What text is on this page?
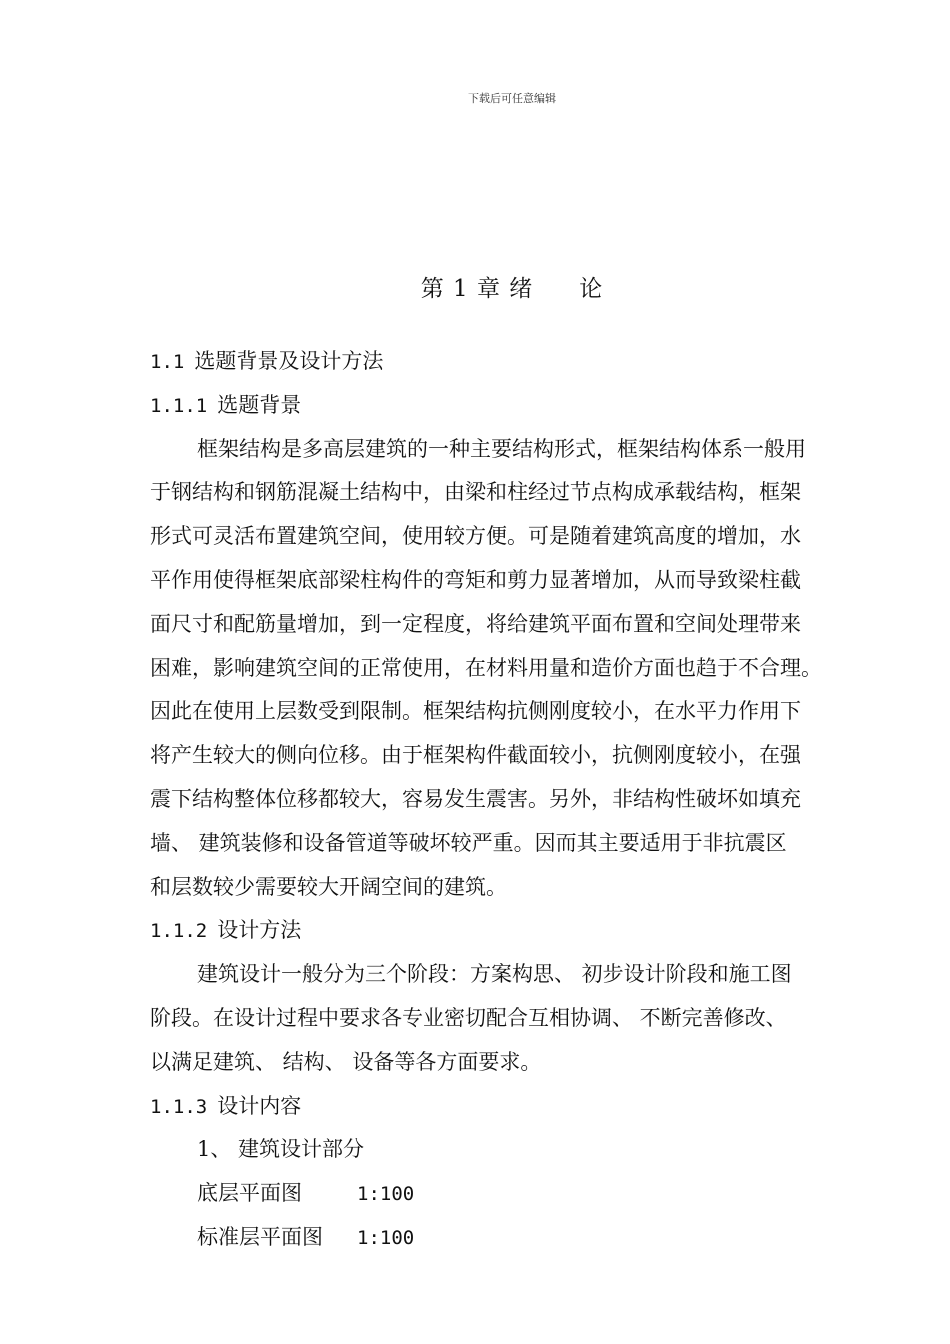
下载后可任意编辑
第 1 章 绪 论
1.1 选题背景及设计方法
1.1.1 选题背景
框架结构是多高层建筑的一种主要结构形式，框架结构体系一般用
于钢结构和钢筋混凝土结构中，由梁和柱经过节点构成承载结构，框架
形式可灵活布置建筑空间，使用较方便。可是随着建筑高度的增加，水
平作用使得框架底部梁柱构件的弯矩和剪力显著增加，从而导致梁柱截
面尺寸和配筋量增加，到一定程度，将给建筑平面布置和空间处理带来
困难，影响建筑空间的正常使用，在材料用量和造价方面也趋于不合理。
因此在使用上层数受到限制。框架结构抗侧刚度较小，在水平力作用下
将产生较大的侧向位移。由于框架构件截面较小，抗侧刚度较小，在强
震下结构整体位移都较大，容易发生震害。另外，非结构性破坏如填充
墙、 建筑装修和设备管道等破坏较严重。因而其主要适用于非抗震区
和层数较少需要较大开阔空间的建筑。
1.1.2 设计方法
建筑设计一般分为三个阶段：方案构思、 初步设计阶段和施工图
阶段。在设计过程中要求各专业密切配合互相协调、 不断完善修改、
以满足建筑、 结构、 设备等各方面要求。
1.1.3 设计内容
1、 建筑设计部分
底层平面图	1:100
标准层平面图 1:100
